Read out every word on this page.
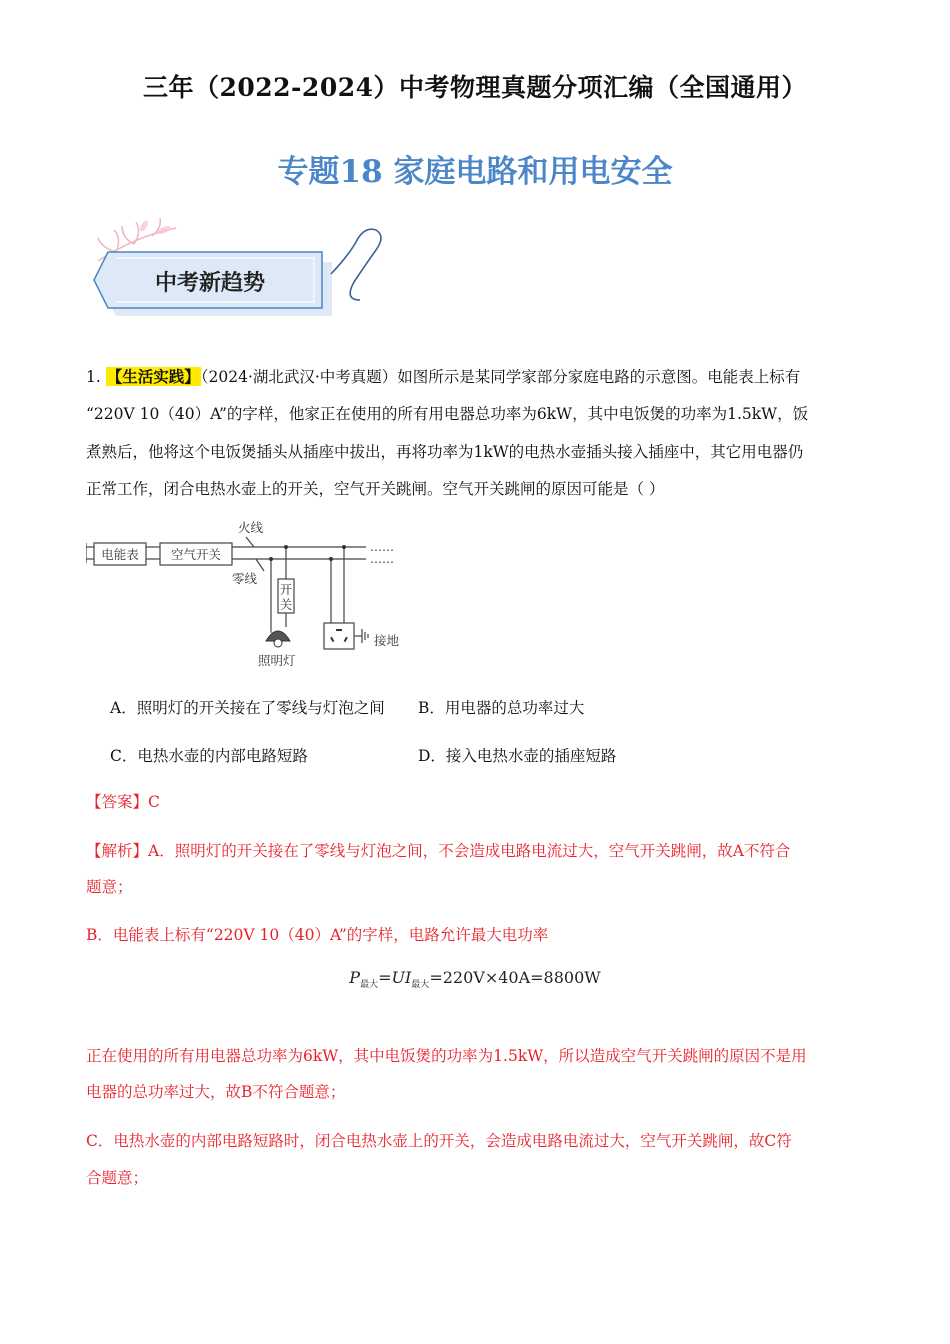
三年（2022-2024）中考物理真题分项汇编（全国通用）
专题18 家庭电路和用电安全
中考新趋势
1. 【生活实践】（2024·湖北武汉·中考真题）如图所示是某同学家部分家庭电路的示意图。电能表上标有
“220V 10（40）A”的字样，他家正在使用的所有用电器总功率为6kW，其中电饭煲的功率为1.5kW，饭
煮熟后，他将这个电饭煲插头从插座中拔出，再将功率为1kW的电热水壶插头接入插座中，其它用电器仍
正常工作，闭合电热水壶上的开关，空气开关跳闸。空气开关跳闸的原因可能是（ ）
电能表	空气开关
火线
零线
开
关
照明灯
接地
……
……
A．照明灯的开关接在了零线与灯泡之间 B．用电器的总功率过大
C．电热水壶的内部电路短路	D．接入电热水壶的插座短路
【答案】C
【解析】A．照明灯的开关接在了零线与灯泡之间，不会造成电路电流过大，空气开关跳闸，故A不符合
题意；
B．电能表上标有“220V 10（40）A”的字样，电路允许最大电功率
$P_{最大}=UI_{最大}=220V\times 40A=8800W$
正在使用的所有用电器总功率为6kW，其中电饭煲的功率为1.5kW，所以造成空气开关跳闸的原因不是用
电器的总功率过大，故B不符合题意；
C．电热水壶的内部电路短路时，闭合电热水壶上的开关，会造成电路电流过大，空气开关跳闸，故C符
合题意；
